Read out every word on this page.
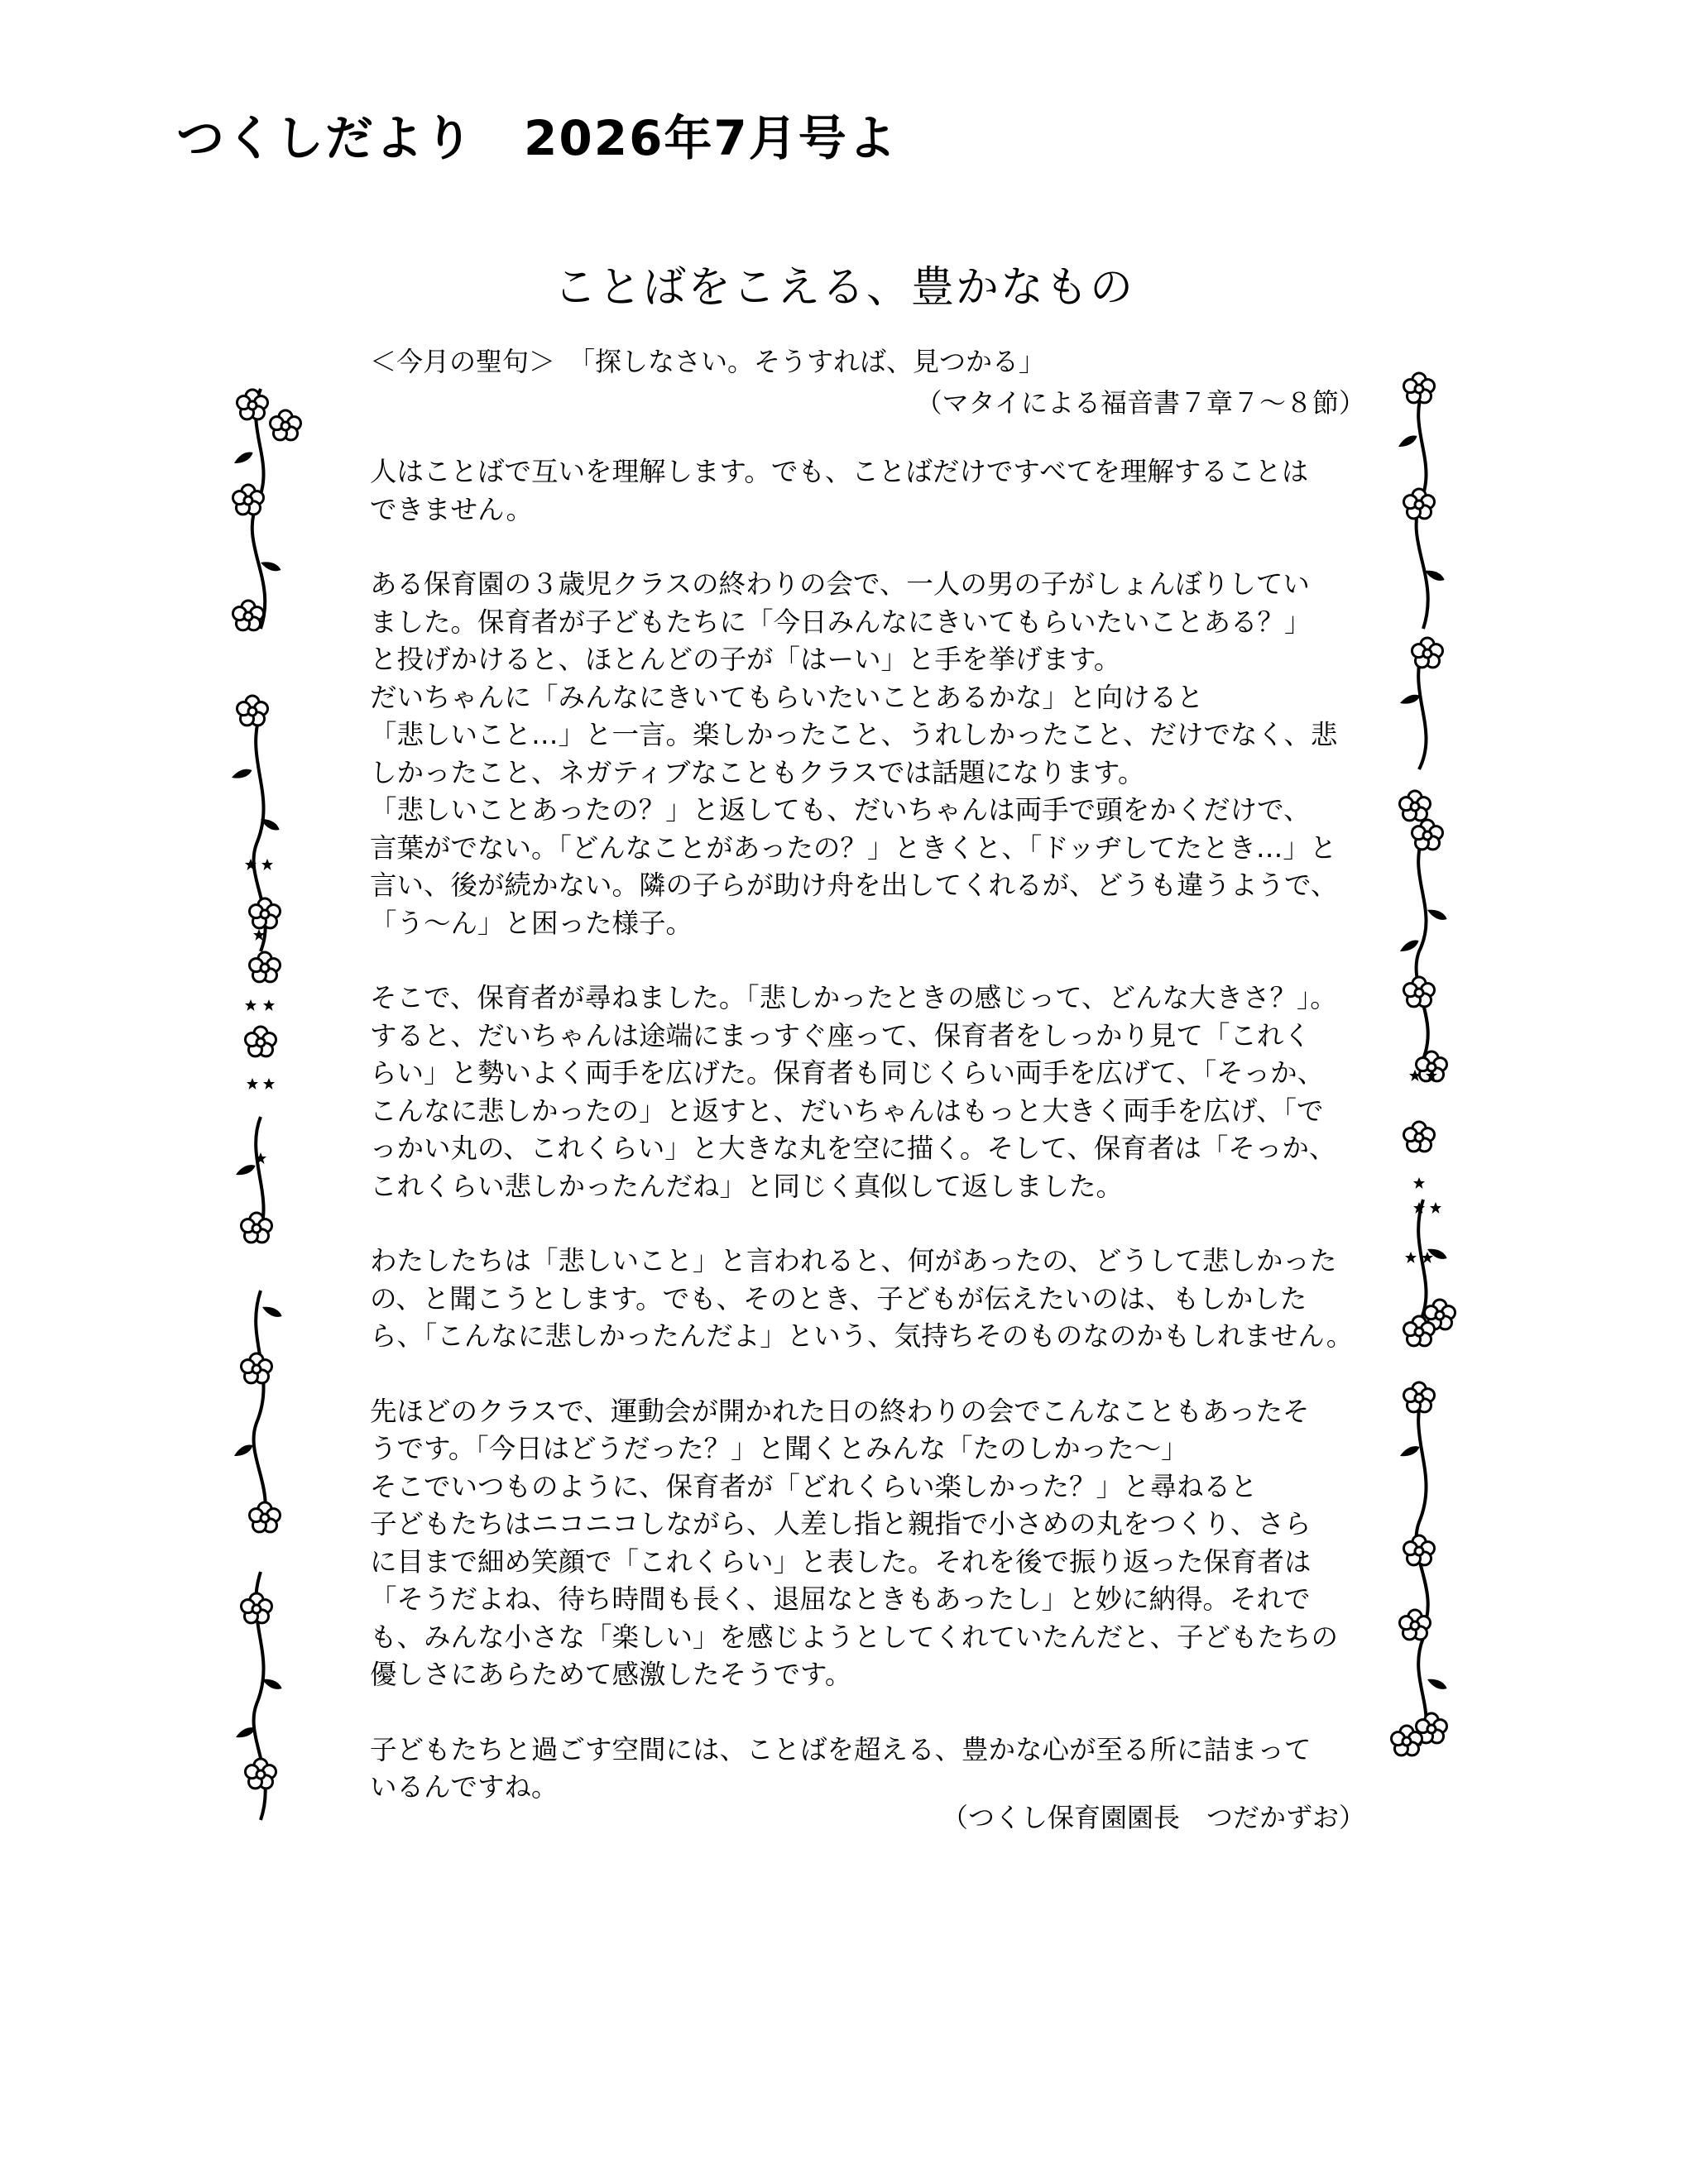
つくしだより　2026年7月号よ
ことばをこえる、豊かなもの
＜今月の聖句＞　「探しなさい。そうすれば、見つかる」
（マタイによる福音書７章７～８節）
人はことばで互いを理解します。でも、ことばだけですべてを理解することは
できません。
ある保育園の３歳児クラスの終わりの会で、一人の男の子がしょんぼりしてい
ました。保育者が子どもたちに「今日みんなにきいてもらいたいことある？」
と投げかけると、ほとんどの子が「はーい」と手を挙げます。
だいちゃんに「みんなにきいてもらいたいことあるかな」と向けると
「悲しいこと…」と一言。楽しかったこと、うれしかったこと、だけでなく、悲
しかったこと、ネガティブなこともクラスでは話題になります。
「悲しいことあったの？」と返しても、だいちゃんは両手で頭をかくだけで、
言葉がでない。「どんなことがあったの？」ときくと、「ドッヂしてたとき…」と
言い、後が続かない。隣の子らが助け舟を出してくれるが、どうも違うようで、
「う～ん」と困った様子。
そこで、保育者が尋ねました。「悲しかったときの感じって、どんな大きさ？」。
すると、だいちゃんは途端にまっすぐ座って、保育者をしっかり見て「これく
らい」と勢いよく両手を広げた。保育者も同じくらい両手を広げて、「そっか、
こんなに悲しかったの」と返すと、だいちゃんはもっと大きく両手を広げ、「で
っかい丸の、これくらい」と大きな丸を空に描く。そして、保育者は「そっか、
これくらい悲しかったんだね」と同じく真似して返しました。
わたしたちは「悲しいこと」と言われると、何があったの、どうして悲しかった
の、と聞こうとします。でも、そのとき、子どもが伝えたいのは、もしかした
ら、「こんなに悲しかったんだよ」という、気持ちそのものなのかもしれません。
先ほどのクラスで、運動会が開かれた日の終わりの会でこんなこともあったそ
うです。「今日はどうだった？」と聞くとみんな「たのしかった～」
そこでいつものように、保育者が「どれくらい楽しかった？」と尋ねると
子どもたちはニコニコしながら、人差し指と親指で小さめの丸をつくり、さら
に目まで細め笑顔で「これくらい」と表した。それを後で振り返った保育者は
「そうだよね、待ち時間も長く、退屈なときもあったし」と妙に納得。それで
も、みんな小さな「楽しい」を感じようとしてくれていたんだと、子どもたちの
優しさにあらためて感激したそうです。
子どもたちと過ごす空間には、ことばを超える、豊かな心が至る所に詰まって
いるんですね。
（つくし保育園園長　つだかずお）
